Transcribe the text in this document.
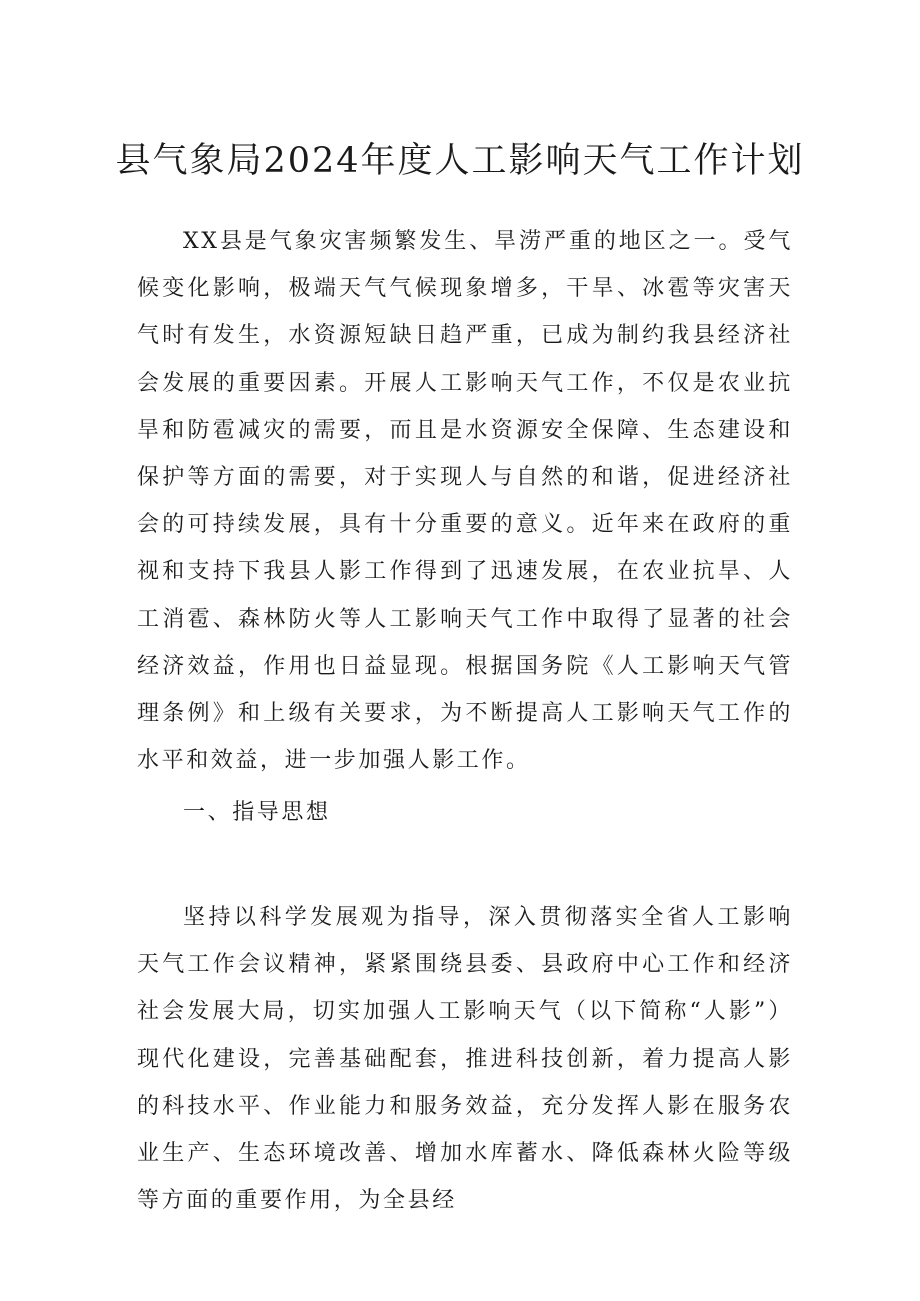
县气象局2024年度人工影响天气工作计划

XX县是气象灾害频繁发生、旱涝严重的地区之一。受气候变化影响，极端天气气候现象增多，干旱、冰雹等灾害天气时有发生，水资源短缺日趋严重，已成为制约我县经济社会发展的重要因素。开展人工影响天气工作，不仅是农业抗旱和防雹减灾的需要，而且是水资源安全保障、生态建设和保护等方面的需要，对于实现人与自然的和谐，促进经济社会的可持续发展，具有十分重要的意义。近年来在政府的重视和支持下我县人影工作得到了迅速发展，在农业抗旱、人工消雹、森林防火等人工影响天气工作中取得了显著的社会经济效益，作用也日益显现。根据国务院《人工影响天气管理条例》和上级有关要求，为不断提高人工影响天气工作的水平和效益，进一步加强人影工作。

一、指导思想

坚持以科学发展观为指导，深入贯彻落实全省人工影响天气工作会议精神，紧紧围绕县委、县政府中心工作和经济社会发展大局，切实加强人工影响天气（以下简称“人影”）现代化建设，完善基础配套，推进科技创新，着力提高人影的科技水平、作业能力和服务效益，充分发挥人影在服务农业生产、生态环境改善、增加水库蓄水、降低森林火险等级等方面的重要作用，为全县经
